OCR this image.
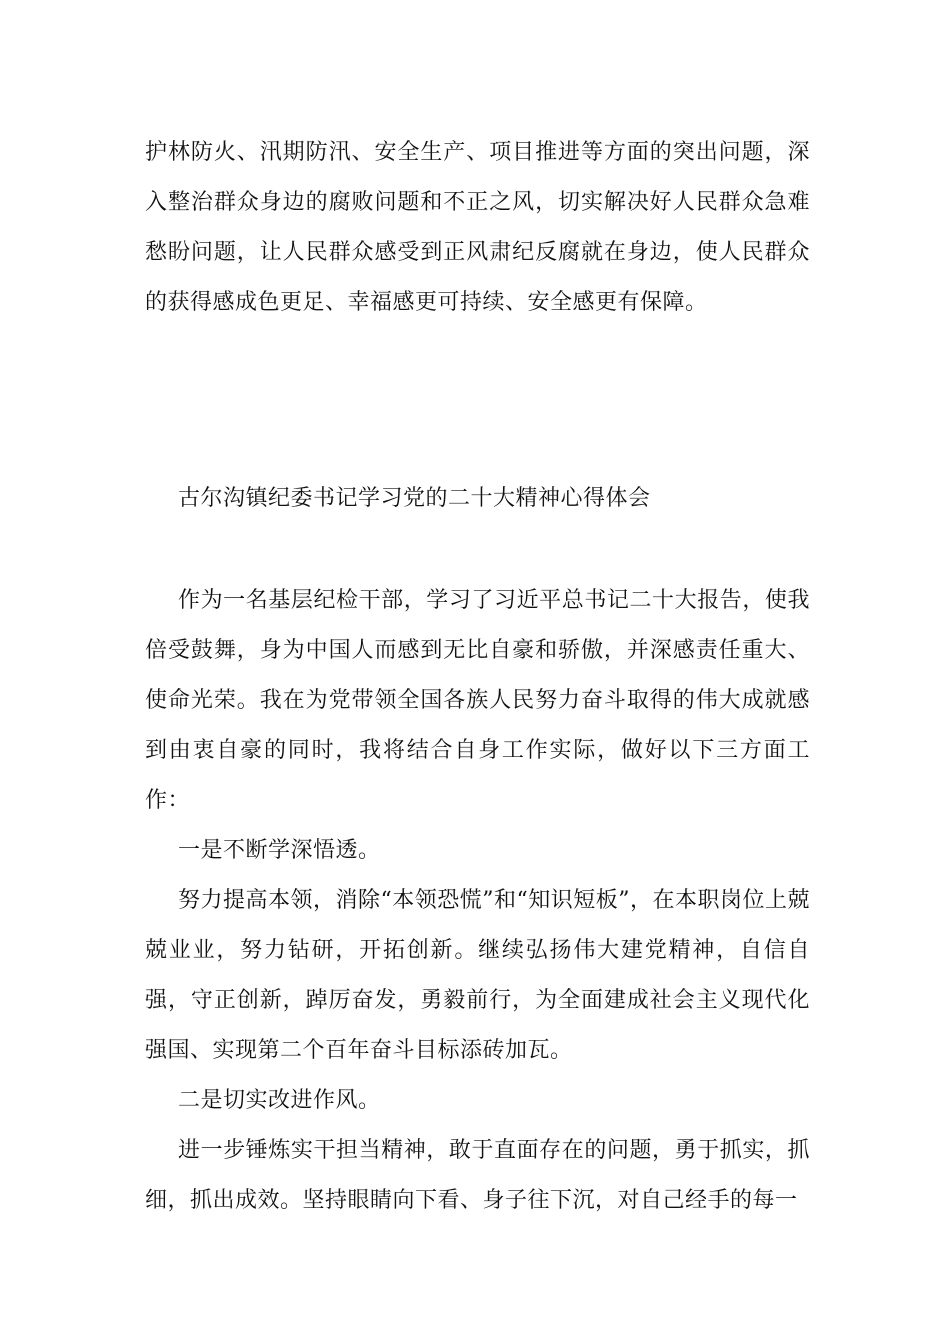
护林防火、汛期防汛、安全生产、项目推进等方面的突出问题，深入整治群众身边的腐败问题和不正之风，切实解决好人民群众急难愁盼问题，让人民群众感受到正风肃纪反腐就在身边，使人民群众的获得感成色更足、幸福感更可持续、安全感更有保障。

古尔沟镇纪委书记学习党的二十大精神心得体会

作为一名基层纪检干部，学习了习近平总书记二十大报告，使我倍受鼓舞，身为中国人而感到无比自豪和骄傲，并深感责任重大、使命光荣。我在为党带领全国各族人民努力奋斗取得的伟大成就感到由衷自豪的同时，我将结合自身工作实际，做好以下三方面工作：

一是不断学深悟透。

努力提高本领，消除“本领恐慌”和“知识短板”，在本职岗位上兢兢业业，努力钻研，开拓创新。继续弘扬伟大建党精神，自信自强，守正创新，踔厉奋发，勇毅前行，为全面建成社会主义现代化强国、实现第二个百年奋斗目标添砖加瓦。

二是切实改进作风。

进一步锤炼实干担当精神，敢于直面存在的问题，勇于抓实，抓细，抓出成效。坚持眼睛向下看、身子往下沉，对自己经手的每一
